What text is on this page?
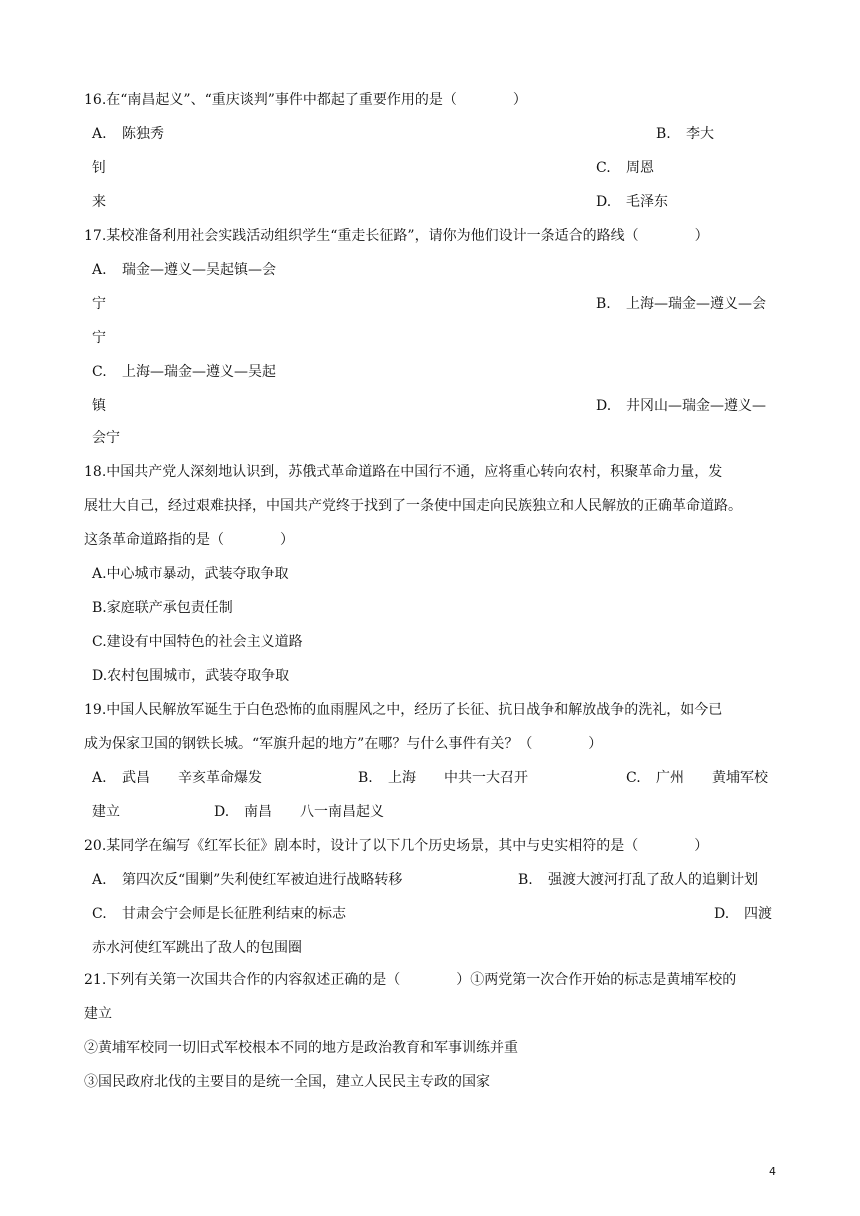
16.在“南昌起义”、“重庆谈判”事件中都起了重要作用的是（　　　　）
A. 陈独秀	B. 李大
钊	C. 周恩
来	D. 毛泽东
17.某校准备利用社会实践活动组织学生“重走长征路”，请你为他们设计一条适合的路线（　　　　）
A. 瑞金—遵义—吴起镇—会
宁	B. 上海—瑞金—遵义—会
宁
C. 上海—瑞金—遵义—吴起
镇	D. 井冈山—瑞金—遵义—
会宁
18.中国共产党人深刻地认识到，苏俄式革命道路在中国行不通，应将重心转向农村，积聚革命力量，发
展壮大自己，经过艰难抉择，中国共产党终于找到了一条使中国走向民族独立和人民解放的正确革命道路。
这条革命道路指的是（　　　　）
A.中心城市暴动，武装夺取争取
B.家庭联产承包责任制
C.建设有中国特色的社会主义道路
D.农村包围城市，武装夺取争取
19.中国人民解放军诞生于白色恐怖的血雨腥风之中，经历了长征、抗日战争和解放战争的洗礼，如今已
成为保家卫国的钢铁长城。“军旗升起的地方”在哪？与什么事件有关？（　　　　）
A. 武昌　　辛亥革命爆发	B. 上海　　中共一大召开	C. 广州　　黄埔军校
建立	D. 南昌　　八一南昌起义
20.某同学在编写《红军长征》剧本时，设计了以下几个历史场景，其中与史实相符的是（　　　　）
A. 第四次反“围剿”失利使红军被迫进行战略转移	B. 强渡大渡河打乱了敌人的追剿计划
C. 甘肃会宁会师是长征胜利结束的标志	D. 四渡
赤水河使红军跳出了敌人的包围圈
21.下列有关第一次国共合作的内容叙述正确的是（　　　　）①两党第一次合作开始的标志是黄埔军校的
建立
②黄埔军校同一切旧式军校根本不同的地方是政治教育和军事训练并重
③国民政府北伐的主要目的是统一全国，建立人民民主专政的国家
4
